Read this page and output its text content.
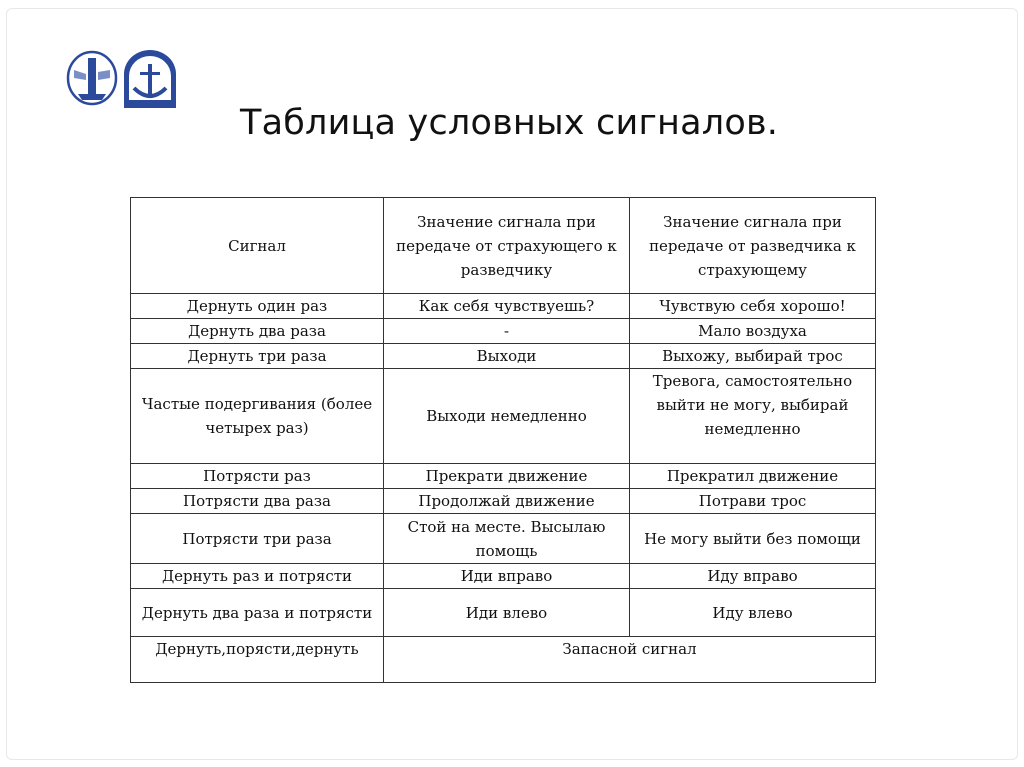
Таблица условных сигналов.
Сигнал	Значение сигнала при передаче от страхующего к разведчику	Значение сигнала при передаче от разведчика к страхующему
Дернуть один раз	Как себя чувствуешь?	Чувствую себя хорошо!
Дернуть два раза	-	Мало воздуха
Дернуть три раза	Выходи	Выхожу, выбирай трос
Частые подергивания (более четырех раз)	Выходи немедленно	Тревога, самостоятельно выйти не могу, выбирай немедленно
Потрясти раз	Прекрати движение	Прекратил движение
Потрясти два раза	Продолжай движение	Потрави трос
Потрясти три раза	Стой на месте. Высылаю помощь	Не могу выйти без помощи
Дернуть раз и потрясти	Иди вправо	Иду вправо
Дернуть два раза и потрясти	Иди влево	Иду влево
Дернуть,порясти,дернуть	Запасной сигнал	
